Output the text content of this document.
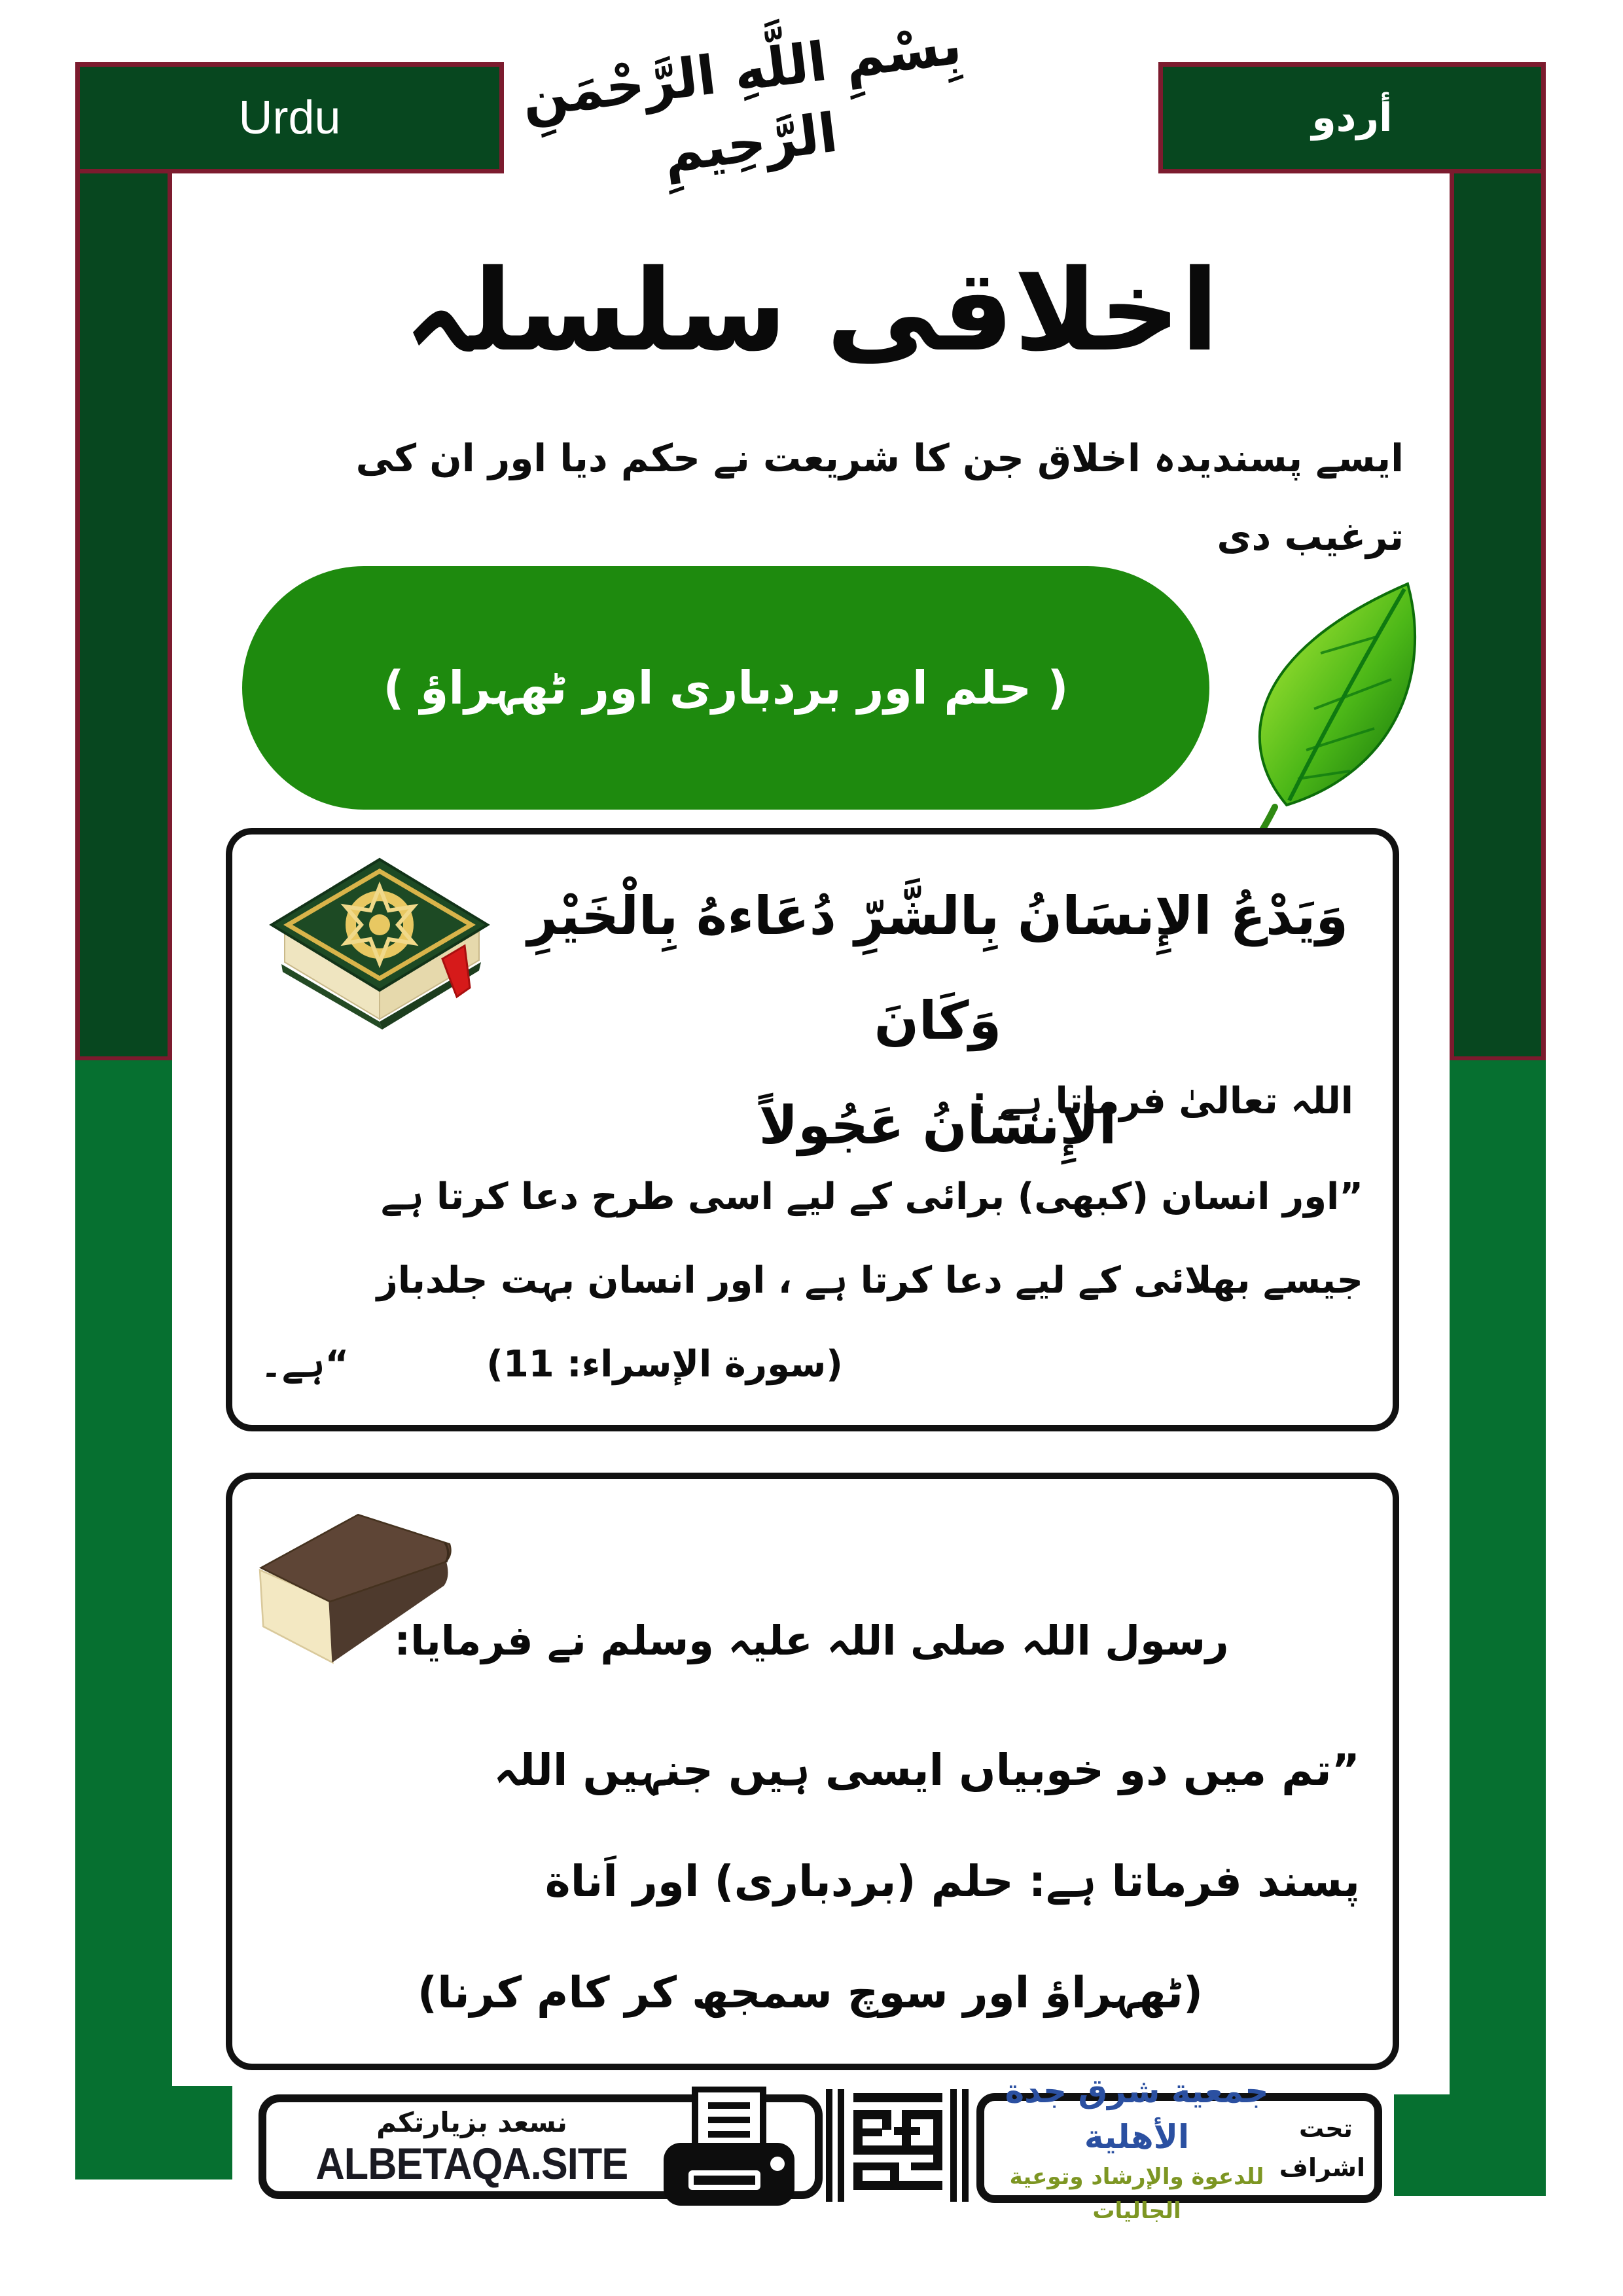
Urdu	أردو
بِسْمِ اللَّهِ الرَّحْمَنِ الرَّحِيمِ
اخلاقی سلسلہ
ایسے پسندیدہ اخلاق جن کا شریعت نے حکم دیا اور ان کی
ترغیب دی
( حلم اور بردباری اور ٹھہراؤ )
وَيَدْعُ الإِنسَانُ بِالشَّرِّ دُعَاءهُ بِالْخَيْرِ وَكَانَ
الإِنسَانُ عَجُولاً
اللہ تعالیٰ فرماتا ہے :
”اور انسان (کبھی) برائی کے لیے اسی طرح دعا کرتا ہے
جیسے بھلائی کے لیے دعا کرتا ہے ، اور انسان بہت جلدباز
ہے۔“	(سورة الإسراء: 11)
رسول اللہ صلی اللہ علیہ وسلم نے فرمایا:
”تم میں دو خوبیاں ایسی ہیں جنہیں اللہ
پسند فرماتا ہے: حلم (بردباری) اور اَناة
(ٹھہراؤ اور سوچ سمجھ کر کام کرنا)
نسعد بزيارتكم
ALBETAQA.SITE
تحت
اشراف
جمعية شرق جدة الأهلية
للدعوة والإرشاد وتوعية الجاليات
